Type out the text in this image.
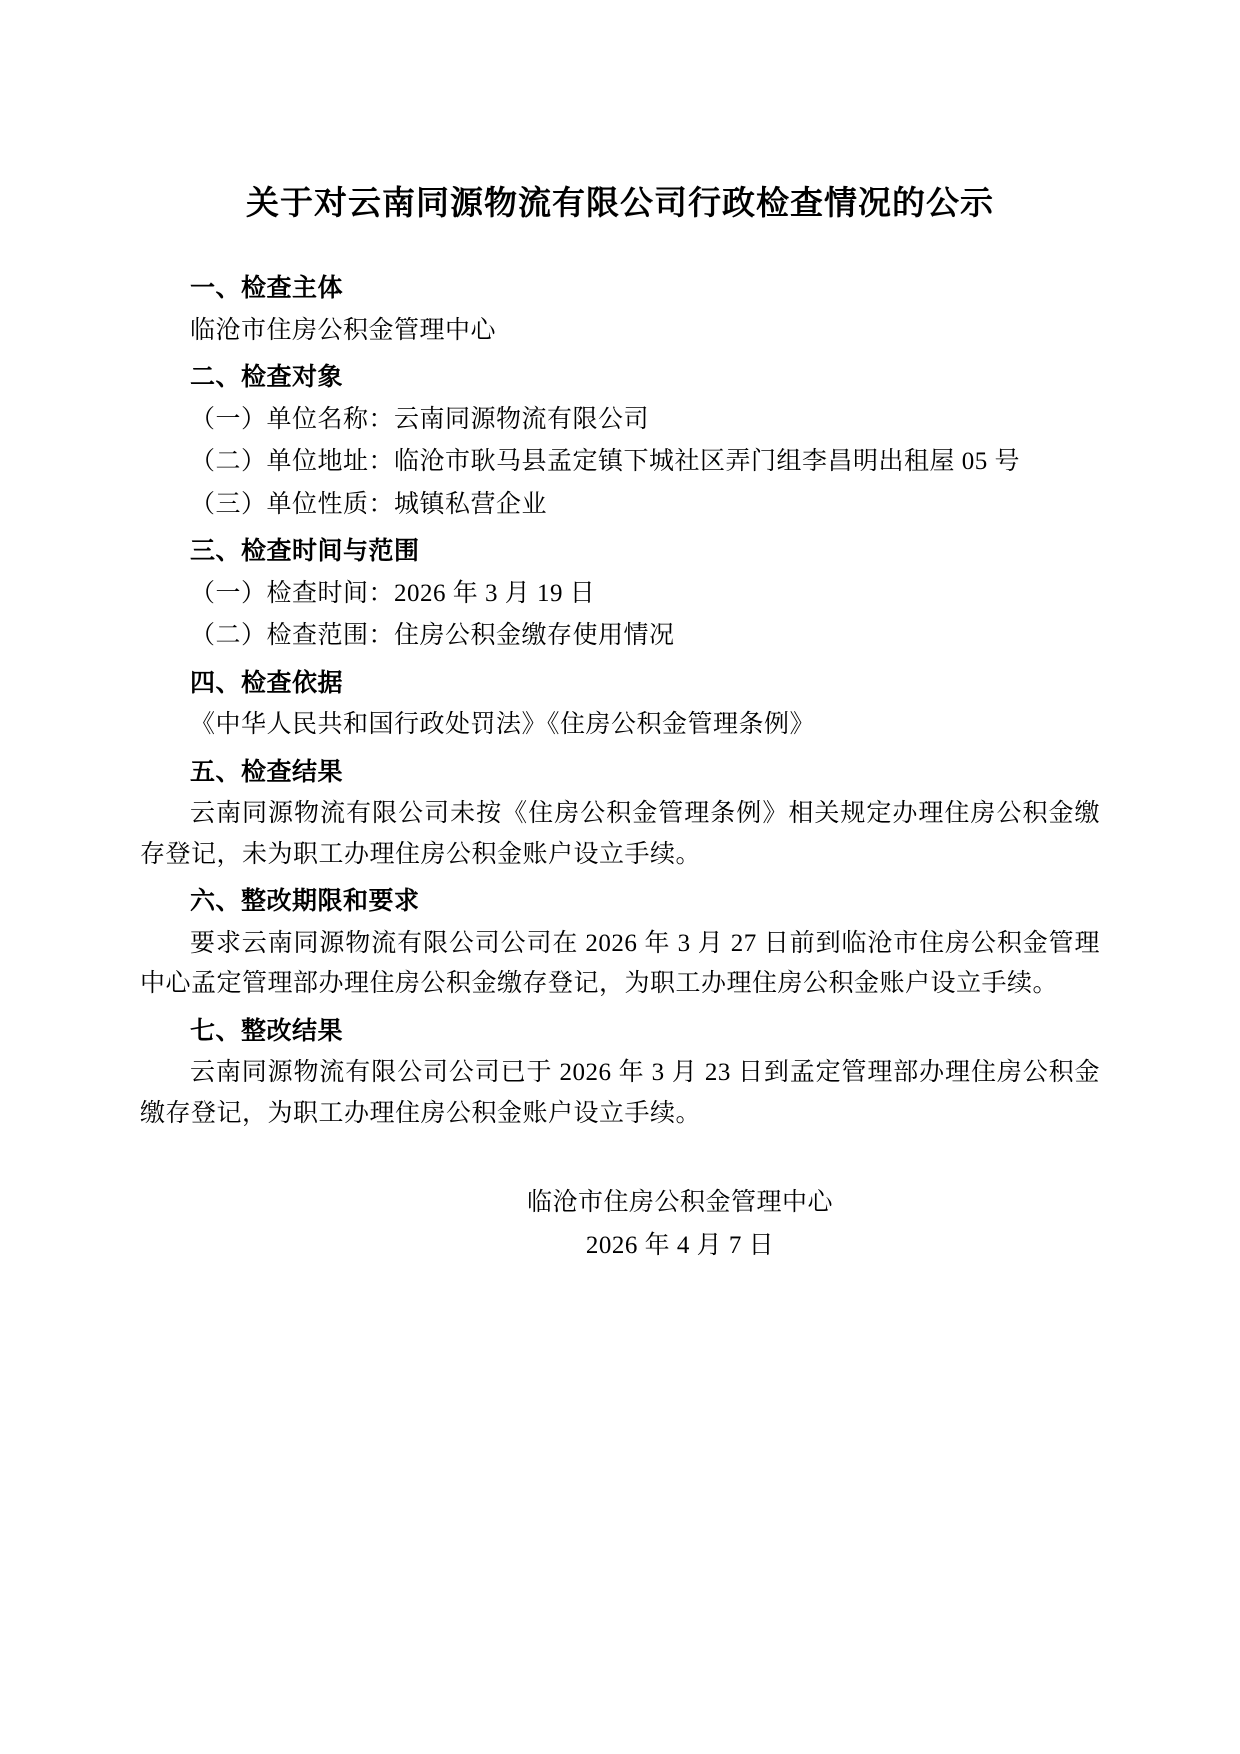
关于对云南同源物流有限公司行政检查情况的公示
一、检查主体

临沧市住房公积金管理中心

二、检查对象

（一）单位名称：云南同源物流有限公司

（二）单位地址：临沧市耿马县孟定镇下城社区弄门组李昌明出租屋 05 号

（三）单位性质：城镇私营企业

三、检查时间与范围

（一）检查时间：2026 年 3 月 19 日

（二）检查范围：住房公积金缴存使用情况

四、检查依据

《中华人民共和国行政处罚法》《住房公积金管理条例》

五、检查结果

云南同源物流有限公司未按《住房公积金管理条例》相关规定办理住房公积金缴存登记，未为职工办理住房公积金账户设立手续。

六、整改期限和要求

要求云南同源物流有限公司公司在 2026 年 3 月 27 日前到临沧市住房公积金管理中心孟定管理部办理住房公积金缴存登记，为职工办理住房公积金账户设立手续。

七、整改结果

云南同源物流有限公司公司已于 2026 年 3 月 23 日到孟定管理部办理住房公积金缴存登记，为职工办理住房公积金账户设立手续。

临沧市住房公积金管理中心
2026 年 4 月 7 日
